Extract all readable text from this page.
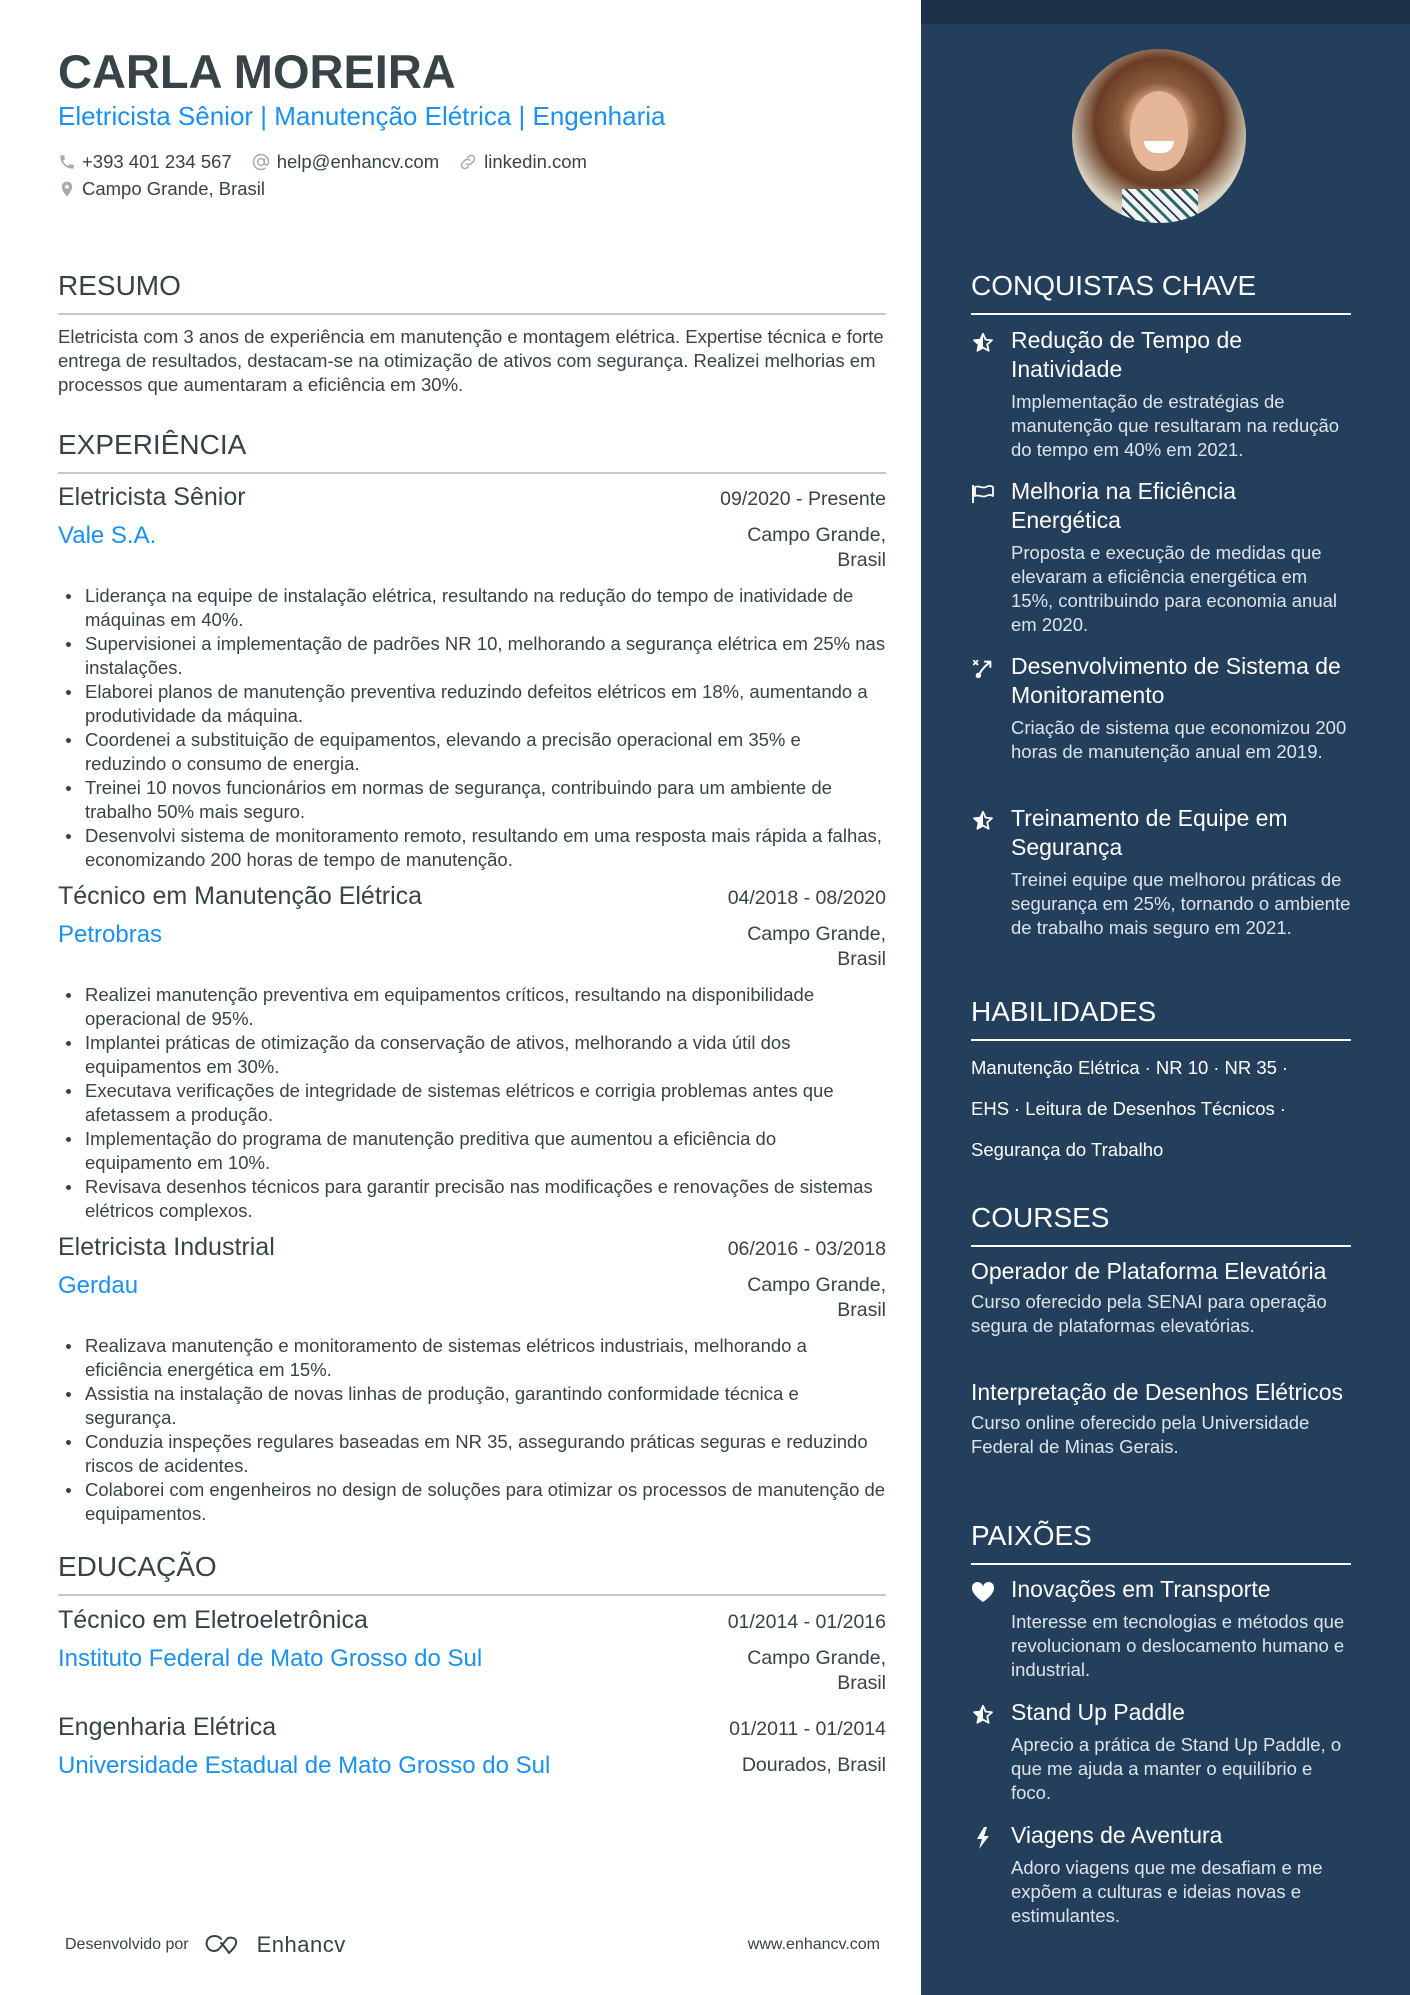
CARLA MOREIRA
Eletricista Sênior | Manutenção Elétrica | Engenharia
+393 401 234 567 help@enhancv.com linkedin.com
Campo Grande, Brasil
RESUMO
Eletricista com 3 anos de experiência em manutenção e montagem elétrica. Expertise técnica e forte entrega de resultados, destacam-se na otimização de ativos com segurança. Realizei melhorias em processos que aumentaram a eficiência em 30%.
EXPERIÊNCIA
Eletricista Sênior	09/2020 - Presente
Vale S.A.	Campo Grande, Brasil
Liderança na equipe de instalação elétrica, resultando na redução do tempo de inatividade de máquinas em 40%.
Supervisionei a implementação de padrões NR 10, melhorando a segurança elétrica em 25% nas instalações.
Elaborei planos de manutenção preventiva reduzindo defeitos elétricos em 18%, aumentando a produtividade da máquina.
Coordenei a substituição de equipamentos, elevando a precisão operacional em 35% e reduzindo o consumo de energia.
Treinei 10 novos funcionários em normas de segurança, contribuindo para um ambiente de trabalho 50% mais seguro.
Desenvolvi sistema de monitoramento remoto, resultando em uma resposta mais rápida a falhas, economizando 200 horas de tempo de manutenção.
Técnico em Manutenção Elétrica	04/2018 - 08/2020
Petrobras	Campo Grande, Brasil
Realizei manutenção preventiva em equipamentos críticos, resultando na disponibilidade operacional de 95%.
Implantei práticas de otimização da conservação de ativos, melhorando a vida útil dos equipamentos em 30%.
Executava verificações de integridade de sistemas elétricos e corrigia problemas antes que afetassem a produção.
Implementação do programa de manutenção preditiva que aumentou a eficiência do equipamento em 10%.
Revisava desenhos técnicos para garantir precisão nas modificações e renovações de sistemas elétricos complexos.
Eletricista Industrial	06/2016 - 03/2018
Gerdau	Campo Grande, Brasil
Realizava manutenção e monitoramento de sistemas elétricos industriais, melhorando a eficiência energética em 15%.
Assistia na instalação de novas linhas de produção, garantindo conformidade técnica e segurança.
Conduzia inspeções regulares baseadas em NR 35, assegurando práticas seguras e reduzindo riscos de acidentes.
Colaborei com engenheiros no design de soluções para otimizar os processos de manutenção de equipamentos.
EDUCAÇÃO
Técnico em Eletroeletrônica	01/2014 - 01/2016
Instituto Federal de Mato Grosso do Sul	Campo Grande, Brasil
Engenharia Elétrica	01/2011 - 01/2014
Universidade Estadual de Mato Grosso do Sul	Dourados, Brasil
Desenvolvido por	Enhancv	www.enhancv.com
CONQUISTAS CHAVE
Redução de Tempo de Inatividade
Implementação de estratégias de manutenção que resultaram na redução do tempo em 40% em 2021.
Melhoria na Eficiência Energética
Proposta e execução de medidas que elevaram a eficiência energética em 15%, contribuindo para economia anual em 2020.
Desenvolvimento de Sistema de Monitoramento
Criação de sistema que economizou 200 horas de manutenção anual em 2019.
Treinamento de Equipe em Segurança
Treinei equipe que melhorou práticas de segurança em 25%, tornando o ambiente de trabalho mais seguro em 2021.
HABILIDADES
Manutenção Elétrica · NR 10 · NR 35 ·
EHS · Leitura de Desenhos Técnicos ·
Segurança do Trabalho
COURSES
Operador de Plataforma Elevatória
Curso oferecido pela SENAI para operação segura de plataformas elevatórias.
Interpretação de Desenhos Elétricos
Curso online oferecido pela Universidade Federal de Minas Gerais.
PAIXÕES
Inovações em Transporte
Interesse em tecnologias e métodos que revolucionam o deslocamento humano e industrial.
Stand Up Paddle
Aprecio a prática de Stand Up Paddle, o que me ajuda a manter o equilíbrio e foco.
Viagens de Aventura
Adoro viagens que me desafiam e me expõem a culturas e ideias novas e estimulantes.
